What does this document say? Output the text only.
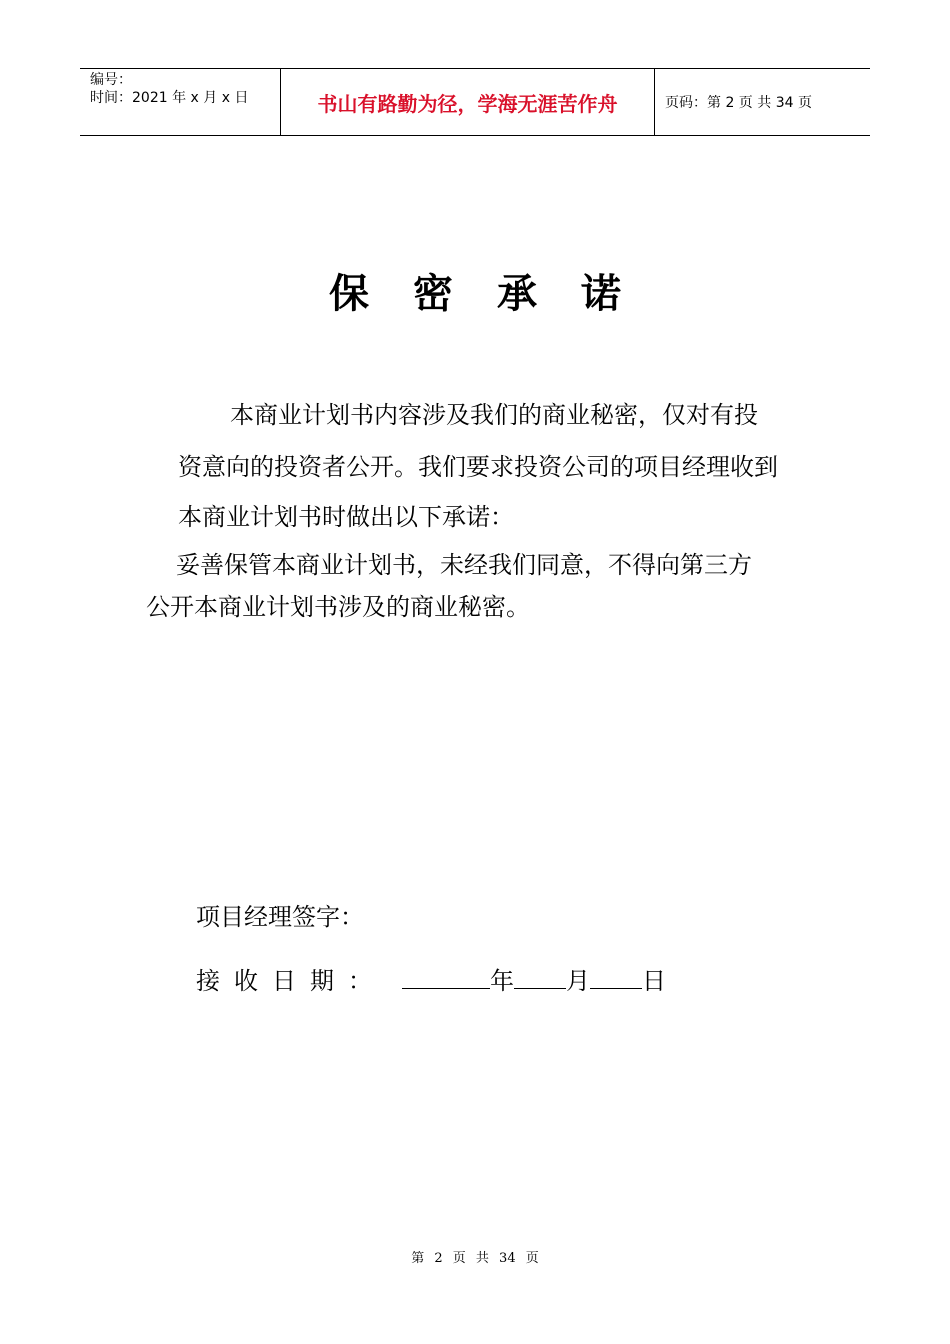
编号：
时间：2021 年 x 月 x 日	书山有路勤为径，学海无涯苦作舟	页码：第 2 页 共 34 页
保密承诺
本商业计划书内容涉及我们的商业秘密，仅对有投
资意向的投资者公开。我们要求投资公司的项目经理收到
本商业计划书时做出以下承诺：
妥善保管本商业计划书，未经我们同意，不得向第三方
公开本商业计划书涉及的商业秘密。
项目经理签字：
接收日期：	年 月 日
第 2 页 共 34 页
